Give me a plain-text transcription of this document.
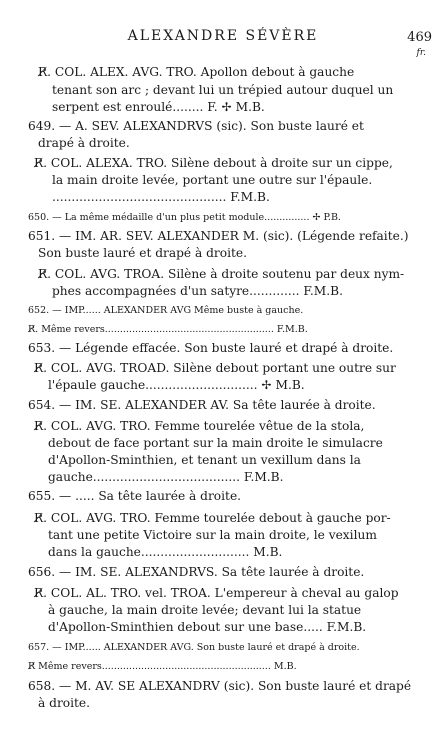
ALEXANDRE SÉVÈRE	469
fr.
R̸. COL. ALEX. AVG. TRO. Apollon debout à gauche
tenant son arc ; devant lui un trépied autour duquel un
serpent est enroulé........ F. ✢ M.B.
649. — A. SEV. ALEXANDRVS (sic). Son buste lauré et
drapé à droite.
R̸. COL. ALEXA. TRO. Silène debout à droite sur un cippe,
la main droite levée, portant une outre sur l'épaule.
............................................. F.M.B.
650. — La même médaille d'un plus petit module............... ✢ P.B.
651. — IM. AR. SEV. ALEXANDER M. (sic). (Légende refaite.)
Son buste lauré et drapé à droite.
R̸. COL. AVG. TROA. Silène à droite soutenu par deux nym-
phes accompagnées d'un satyre............. F.M.B.
652. — IMP...... ALEXANDER AVG Même buste à gauche.
R̸. Même revers........................................................ F.M.B.
653. — Légende effacée. Son buste lauré et drapé à droite.
R̸. COL. AVG. TROAD. Silène debout portant une outre sur
l'épaule gauche............................. ✢ M.B.
654. — IM. SE. ALEXANDER AV. Sa tête laurée à droite.
R̸. COL. AVG. TRO. Femme tourelée vêtue de la stola,
debout de face portant sur la main droite le simulacre
d'Apollon-Sminthien, et tenant un vexillum dans la
gauche...................................... F.M.B.
655. — ..... Sa tête laurée à droite.
R̸. COL. AVG. TRO. Femme tourelée debout à gauche por-
tant une petite Victoire sur la main droite, le vexilum
dans la gauche............................ M.B.
656. — IM. SE. ALEXANDRVS. Sa tête laurée à droite.
R̸. COL. AL. TRO. vel. TROA. L'empereur à cheval au galop
à gauche, la main droite levée; devant lui la statue
d'Apollon-Sminthien debout sur une base..... F.M.B.
657. — IMP...... ALEXANDER AVG. Son buste lauré et drapé à droite.
R̸ Même revers........................................................ M.B.
658. — M. AV. SE ALEXANDRV (sic). Son buste lauré et drapé
à droite.
